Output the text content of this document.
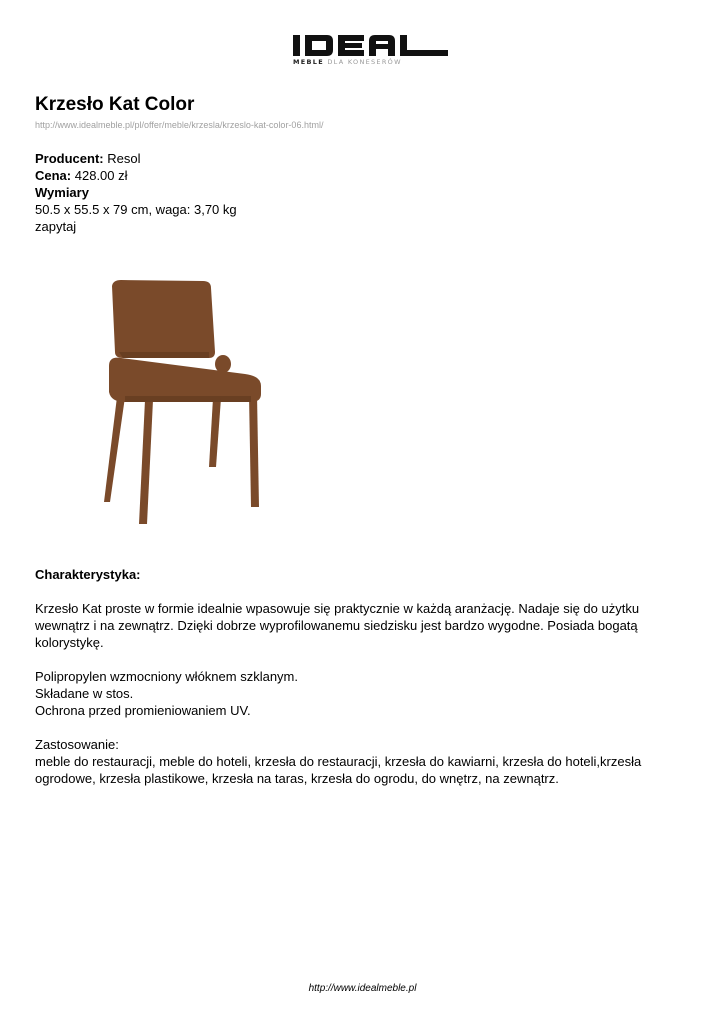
MEBLE DLA KONESERÓW
Krzesło Kat Color
http://www.idealmeble.pl/pl/offer/meble/krzesla/krzeslo-kat-color-06.html/
Producent: Resol
Cena: 428.00 zł
Wymiary
50.5 x 55.5 x 79 cm, waga: 3,70 kg
zapytaj
Charakterystyka:
Krzesło Kat proste w formie idealnie wpasowuje się praktycznie w każdą aranżację. Nadaje się do użytku wewnątrz i na zewnątrz. Dzięki dobrze wyprofilowanemu siedzisku jest bardzo wygodne. Posiada bogatą kolorystykę.
Polipropylen wzmocniony włóknem szklanym.
Składane w stos.
Ochrona przed promieniowaniem UV.
Zastosowanie:
meble do restauracji, meble do hoteli, krzesła do restauracji, krzesła do kawiarni, krzesła do hoteli,krzesła ogrodowe, krzesła plastikowe, krzesła na taras, krzesła do ogrodu, do wnętrz, na zewnątrz.
http://www.idealmeble.pl
